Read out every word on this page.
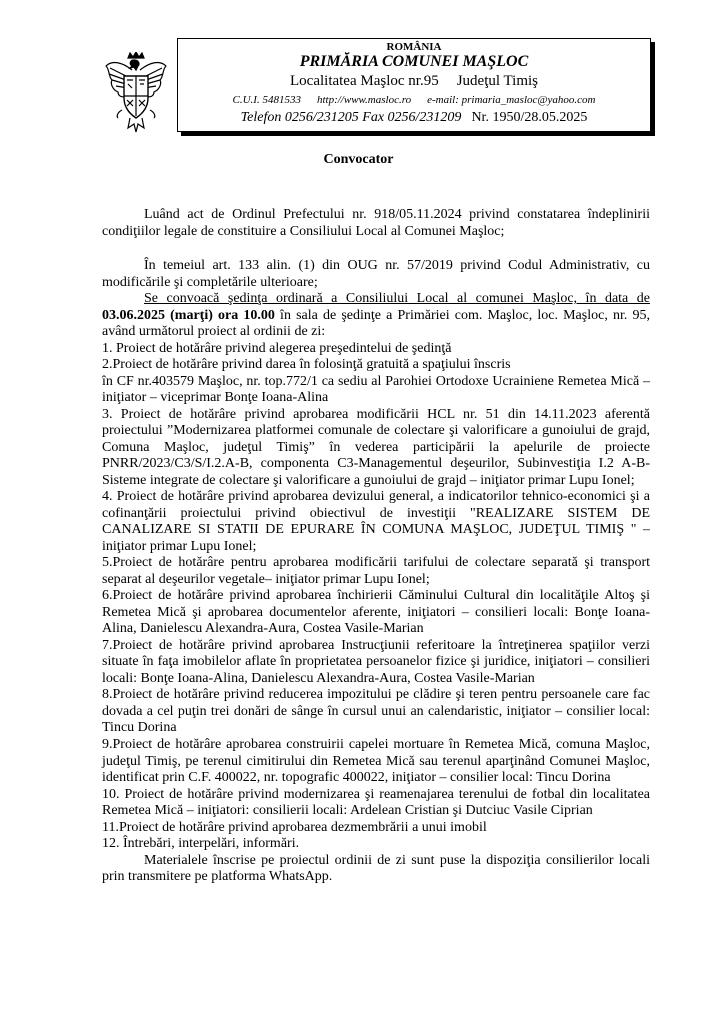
ROMÂNIA
PRIMĂRIA COMUNEI MAŞLOC
Localitatea Maşloc nr.95 Judeţul Timiş
C.U.I. 5481533 http://www.masloc.ro e-mail: primaria_masloc@yahoo.com
Telefon 0256/231205 Fax 0256/231209 Nr. 1950/28.05.2025
Convocator

Luând act de Ordinul Prefectului nr. 918/05.11.2024 privind constatarea îndeplinirii condiţiilor legale de constituire a Consiliului Local al Comunei Maşloc;

În temeiul art. 133 alin. (1) din OUG nr. 57/2019 privind Codul Administrativ, cu modificările şi completările ulterioare;

Se convoacă şedinţa ordinară a Consiliului Local al comunei Maşloc, în data de 03.06.2025 (marţi) ora 10.00 în sala de şedinţe a Primăriei com. Maşloc, loc. Maşloc, nr. 95, având următorul proiect al ordinii de zi:

1. Proiect de hotărâre privind alegerea preşedintelui de şedinţă

2.Proiect de hotărâre privind darea în folosinţă gratuită a spaţiului înscris

în CF nr.403579 Maşloc, nr. top.772/1 ca sediu al Parohiei Ortodoxe Ucrainiene Remetea Mică – iniţiator – viceprimar Bonţe Ioana-Alina

3. Proiect de hotărâre privind aprobarea modificării HCL nr. 51 din 14.11.2023 aferentă proiectului ”Modernizarea platformei comunale de colectare şi valorificare a gunoiului de grajd, Comuna Maşloc, judeţul Timiş” în vederea participării la apelurile de proiecte PNRR/2023/C3/S/I.2.A-B, componenta C3-Managementul deşeurilor, Subinvestiţia I.2 A-B-Sisteme integrate de colectare şi valorificare a gunoiului de grajd – iniţiator primar Lupu Ionel;

4. Proiect de hotărâre privind aprobarea devizului general, a indicatorilor tehnico-economici şi a cofinanţării proiectului privind obiectivul de investiţii "REALIZARE SISTEM DE CANALIZARE SI STATII DE EPURARE ÎN COMUNA MAŞLOC, JUDEŢUL TIMIŞ " – iniţiator primar Lupu Ionel;

5.Proiect de hotărâre pentru aprobarea modificării tarifului de colectare separată şi transport separat al deşeurilor vegetale– iniţiator primar Lupu Ionel;

6.Proiect de hotărâre privind aprobarea închirierii Căminului Cultural din localităţile Altoş şi Remetea Mică şi aprobarea documentelor aferente, iniţiatori – consilieri locali: Bonţe Ioana-Alina, Danielescu Alexandra-Aura, Costea Vasile-Marian

7.Proiect de hotărâre privind aprobarea Instrucţiunii referitoare la întreţinerea spaţiilor verzi situate în faţa imobilelor aflate în proprietatea persoanelor fizice şi juridice, iniţiatori – consilieri locali: Bonţe Ioana-Alina, Danielescu Alexandra-Aura, Costea Vasile-Marian

8.Proiect de hotărâre privind reducerea impozitului pe clădire şi teren pentru persoanele care fac dovada a cel puţin trei donări de sânge în cursul unui an calendaristic, iniţiator – consilier local: Tincu Dorina

9.Proiect de hotărâre aprobarea construirii capelei mortuare în Remetea Mică, comuna Maşloc, judeţul Timiş, pe terenul cimitirului din Remetea Mică sau terenul aparţinând Comunei Maşloc, identificat prin C.F. 400022, nr. topografic 400022, iniţiator – consilier local: Tincu Dorina

10. Proiect de hotărâre privind modernizarea şi reamenajarea terenului de fotbal din localitatea Remetea Mică – iniţiatori: consilierii locali: Ardelean Cristian şi Dutciuc Vasile Ciprian

11.Proiect de hotărâre privind aprobarea dezmembrării a unui imobil

12. Întrebări, interpelări, informări.

Materialele înscrise pe proiectul ordinii de zi sunt puse la dispoziţia consilierilor locali prin transmitere pe platforma WhatsApp.
